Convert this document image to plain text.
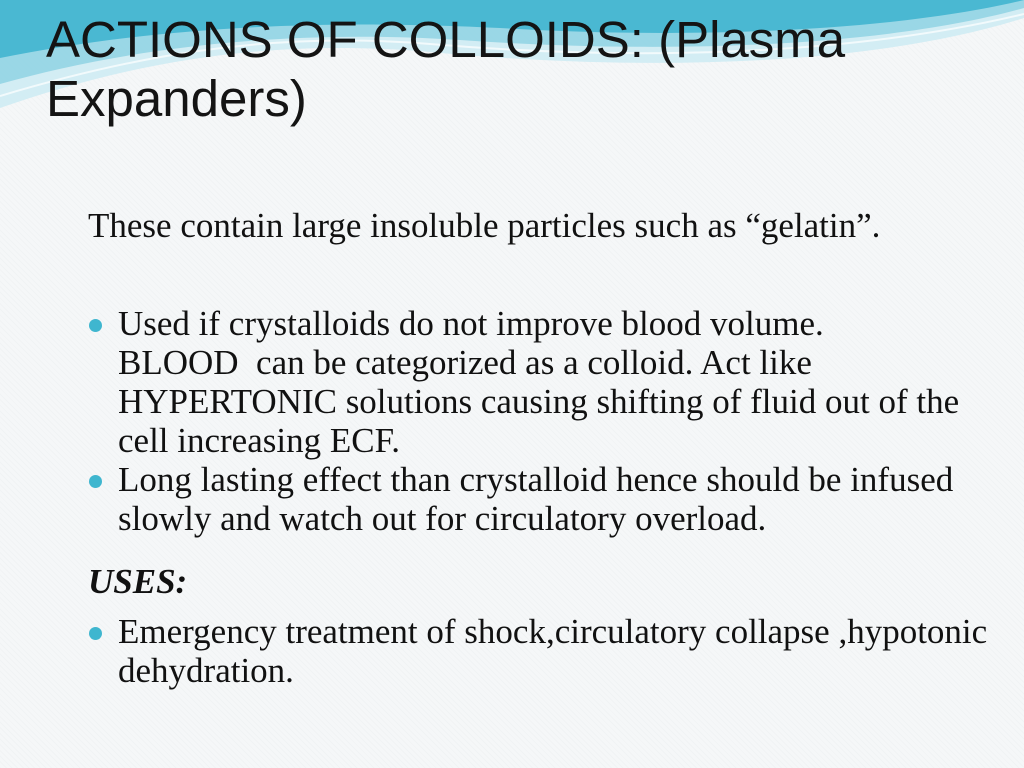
ACTIONS OF COLLOIDS: (Plasma Expanders)

These contain large insoluble particles such as “gelatin”.

Used if crystalloids do not improve blood volume. BLOOD  can be categorized as a colloid. Act like HYPERTONIC solutions causing shifting of fluid out of the cell increasing ECF.
Long lasting effect than crystalloid hence should be infused slowly and watch out for circulatory overload.

USES:

Emergency treatment of shock,circulatory collapse ,hypotonic dehydration.
